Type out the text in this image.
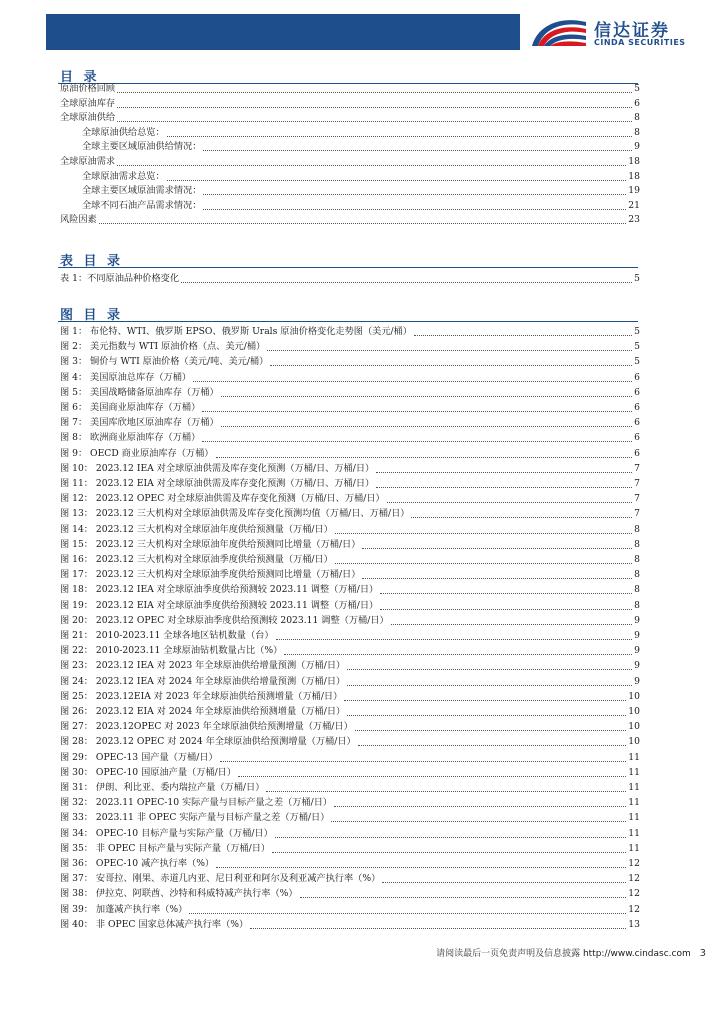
信达证券
CINDA SECURITIES
目 录
原油价格回顾	5
全球原油库存	6
全球原油供给	8
全球原油供给总览：	8
全球主要区域原油供给情况：	9
全球原油需求	18
全球原油需求总览：	18
全球主要区域原油需求情况：	19
全球不同石油产品需求情况：	21
风险因素	23
表 目 录
表 1：不同原油品种价格变化	5
图 目 录
图 1： 布伦特、WTI、俄罗斯 EPSO、俄罗斯 Urals 原油价格变化走势图（美元/桶）	5
图 2： 美元指数与 WTI 原油价格（点、美元/桶）	5
图 3： 铜价与 WTI 原油价格（美元/吨、美元/桶）	5
图 4： 美国原油总库存（万桶）	6
图 5： 美国战略储备原油库存（万桶）	6
图 6： 美国商业原油库存（万桶）	6
图 7： 美国库欣地区原油库存（万桶）	6
图 8： 欧洲商业原油库存（万桶）	6
图 9： OECD 商业原油库存（万桶）	6
图 10： 2023.12 IEA 对全球原油供需及库存变化预测（万桶/日、万桶/日）	7
图 11： 2023.12 EIA 对全球原油供需及库存变化预测（万桶/日、万桶/日）	7
图 12： 2023.12 OPEC 对全球原油供需及库存变化预测（万桶/日、万桶/日）	7
图 13： 2023.12 三大机构对全球原油供需及库存变化预测均值（万桶/日、万桶/日）	7
图 14： 2023.12 三大机构对全球原油年度供给预测量（万桶/日）	8
图 15： 2023.12 三大机构对全球原油年度供给预测同比增量（万桶/日）	8
图 16： 2023.12 三大机构对全球原油季度供给预测量（万桶/日）	8
图 17： 2023.12 三大机构对全球原油季度供给预测同比增量（万桶/日）	8
图 18： 2023.12 IEA 对全球原油季度供给预测较 2023.11 调整（万桶/日）	8
图 19： 2023.12 EIA 对全球原油季度供给预测较 2023.11 调整（万桶/日）	8
图 20： 2023.12 OPEC 对全球原油季度供给预测较 2023.11 调整（万桶/日）	9
图 21： 2010-2023.11 全球各地区钻机数量（台）	9
图 22： 2010-2023.11 全球原油钻机数量占比（%）	9
图 23： 2023.12 IEA 对 2023 年全球原油供给增量预测（万桶/日）	9
图 24： 2023.12 IEA 对 2024 年全球原油供给增量预测（万桶/日）	9
图 25： 2023.12EIA 对 2023 年全球原油供给预测增量（万桶/日）	10
图 26： 2023.12 EIA 对 2024 年全球原油供给预测增量（万桶/日）	10
图 27： 2023.12OPEC 对 2023 年全球原油供给预测增量（万桶/日）	10
图 28： 2023.12 OPEC 对 2024 年全球原油供给预测增量（万桶/日）	10
图 29： OPEC-13 国产量（万桶/日）	11
图 30： OPEC-10 国原油产量（万桶/日）	11
图 31： 伊朗、利比亚、委内瑞拉产量（万桶/日）	11
图 32： 2023.11 OPEC-10 实际产量与目标产量之差（万桶/日）	11
图 33： 2023.11 非 OPEC 实际产量与目标产量之差（万桶/日）	11
图 34： OPEC-10 目标产量与实际产量（万桶/日）	11
图 35： 非 OPEC 目标产量与实际产量（万桶/日）	11
图 36： OPEC-10 减产执行率（%）	12
图 37： 安哥拉、刚果、赤道几内亚、尼日利亚和阿尔及利亚减产执行率（%）	12
图 38： 伊拉克、阿联酋、沙特和科威特减产执行率（%）	12
图 39： 加蓬减产执行率（%）	12
图 40： 非 OPEC 国家总体减产执行率（%）	13
请阅读最后一页免责声明及信息披露 http://www.cindasc.com 3
